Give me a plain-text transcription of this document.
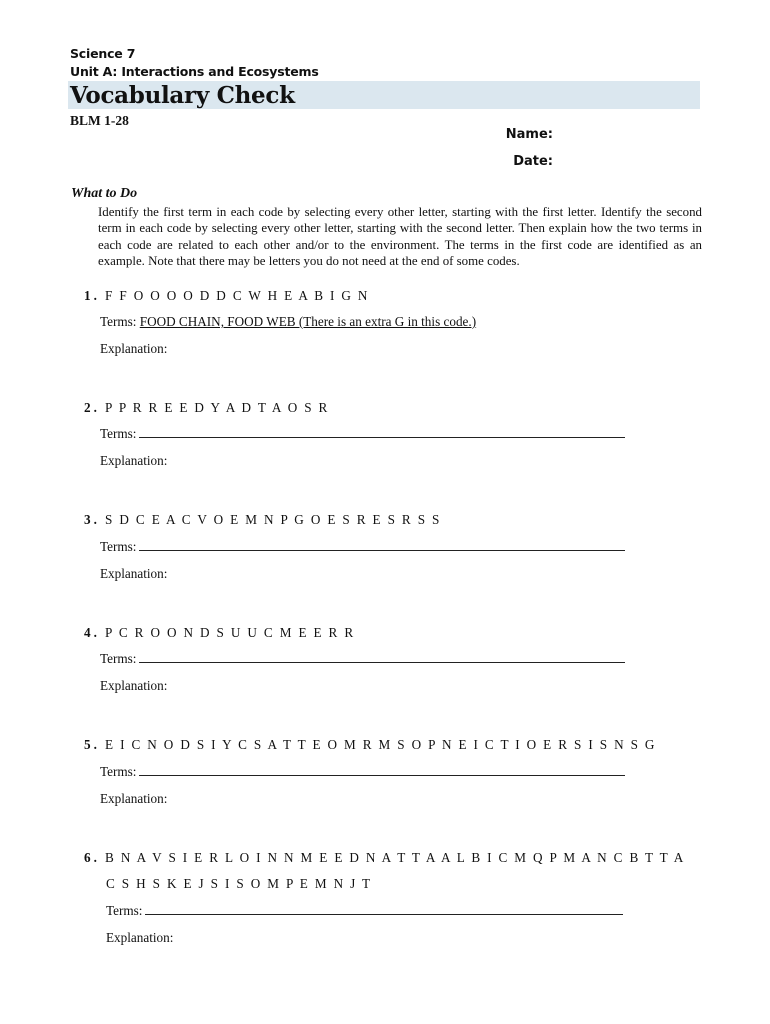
Science 7
Unit A: Interactions and Ecosystems
Vocabulary Check
BLM 1-28
Name:
Date:
What to Do
Identify the first term in each code by selecting every other letter, starting with the first letter. Identify the second term in each code by selecting every other letter, starting with the second letter. Then explain how the two terms in each code are related to each other and/or to the environment. The terms in the first code are identified as an example. Note that there may be letters you do not need at the end of some codes.
1. F F O O O O D D C W H E A B I G N
Terms: FOOD CHAIN, FOOD WEB (There is an extra G in this code.)
Explanation:
2. P P R R E E D Y A D T A O S R
Terms:
Explanation:
3. S D C E A C V O E M N P G O E S R E S R S S
Terms:
Explanation:
4. P C R O O N D S U U C M E E R R
Terms:
Explanation:
5. E I C N O D S I Y C S A T T E O M R M S O P N E I C T I O E R S I S N S G
Terms:
Explanation:
6. B N A V S I E R L O I N N M E E D N A T T A A L B I C M Q P M A N C B T T A
C S H S K E J S I S O M P E M N J T
Terms:
Explanation:
